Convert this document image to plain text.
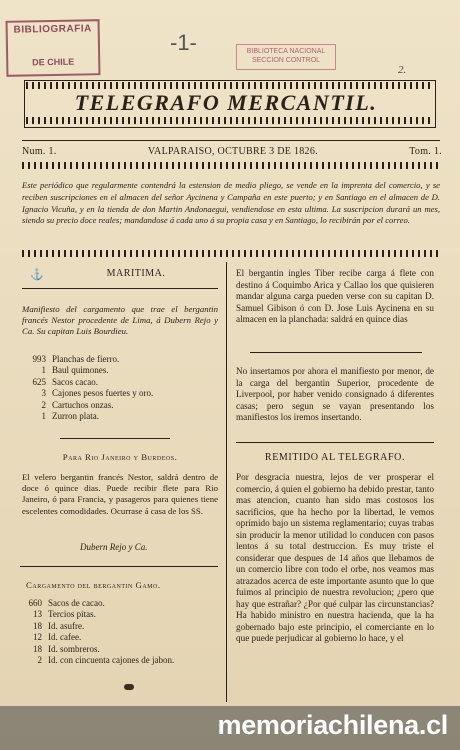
BIBLIOGRAFIA
DE CHILE
-1-	BIBLIOTECA NACIONAL
SECCION CONTROL
2.
TELEGRAFO MERCANTIL.
Num. 1.	VALPARAISO, OCTUBRE 3 DE 1826.	Tom. 1.
Este periódico que regularmente contendrá la estension de medio pliego, se vende en la imprenta del comercio, y se reciben suscripciones en el almacen del señor Aycinena y Campaña en este puerto; y en Santiago en el almacen de D. Ignacio Vicuña, y en la tienda de don Martin Andonaegui, vendiendose en esta ultima. La suscripcion durará un mes, siendo su precio doce reales; mandandose á cada uno á su propia casa y en Santiago, lo recibirán por el correo.
⚓	MARITIMA.
Manifiesto del cargamento que trae el bergantin francés Nestor procedente de Lima, á Dubern Rejo y Ca. Su capitan Luis Bourdieu.
993 Planchas de fierro.
1 Baul quimones.
625 Sacos cacao.
3 Cajones pesos fuertes y oro.
2 Cartuchos onzas.
1 Zurron plata.
Para Rio Janeiro y Burdeos.
El velero bergantin francés Nestor, saldrá dentro de doce ó quince dias. Puede recibir flete para Rio Janeiro, ó para Francia, y pasageros para quienes tiene escelentes comodidades. Ocurrase á casa de los SS.
Dubern Rejo y Ca.
Cargamento del bergantin Gamo.
660 Sacos de cacao.
13 Tercios pitas.
18 Id. asufre.
12 Id. cafee.
18 Id. sombreros.
2 Id. con cincuenta cajones de jabon.
El bergantin ingles Tiber recibe carga á flete con destino á Coquimbo Arica y Callao los que quisieren mandar alguna carga pueden verse con su capitan D. Samuel Gibison ó con D. Jose Luis Aycinena en su almacen en la planchada: saldrá en quince dias
No insertamos por ahora el manifiesto por menor, de la carga del bergantin Superior, procedente de Liverpool, por haber venido consignado á diferentes casas; pero segun se vayan presentando los manifiestos los iremos insertando.
REMITIDO AL TELEGRAFO.
Por desgracia nuestra, lejos de ver prosperar el comercio, á quien el gobierno ha debido prestar, tanto mas atencion, cuanto han sido mas costosos los sacrificios, que ha hecho por la libertad, le vemos oprimido bajo un sistema reglamentario; cuyas trabas sin producir la menor utilidad lo conducen con pasos lentos á su total destruccion. Es muy triste el considerar que despues de 14 años que llebamos de un comercio libre con todo el orbe, nos veamos mas atrazados acerca de este importante asunto que lo que fuimos al principio de nuestra revolucion; ¿pero que hay que estrañar? ¿Por qué culpar las circunstancias? Ha habido ministro en nuestra hacienda, que la ha gobernado bajo este principio, el comerciante en lo que puede perjudicar al gobierno lo hace, y el
memoriachilena.cl
